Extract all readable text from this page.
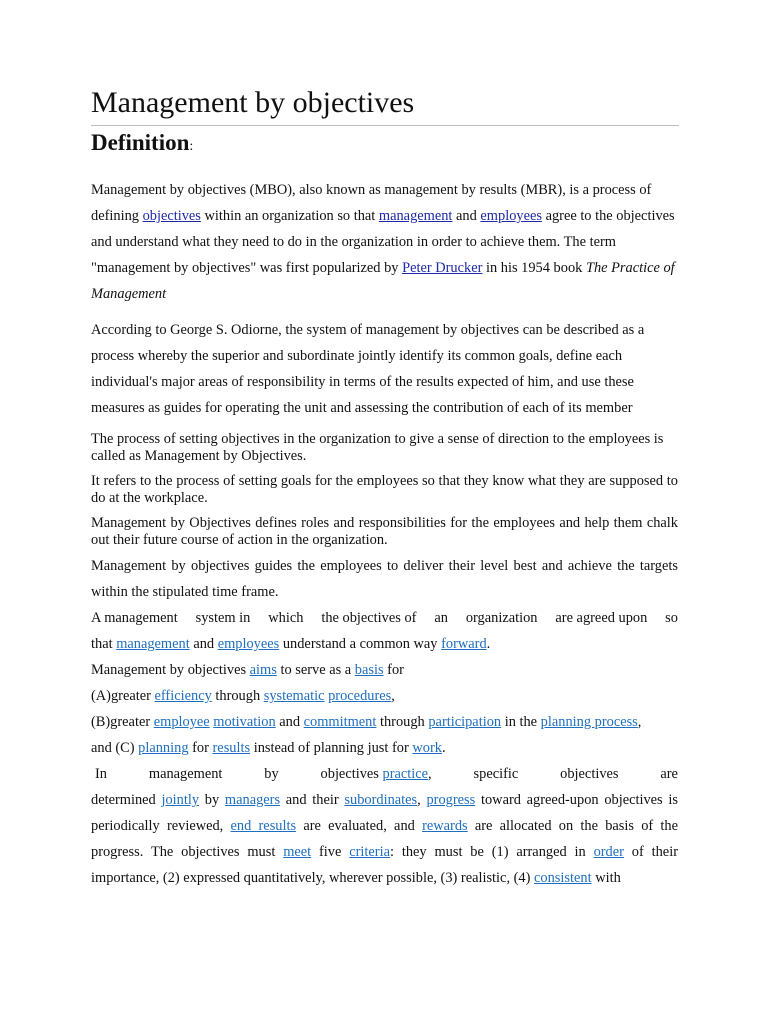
Management by objectives
Definition:

Management by objectives (MBO), also known as management by results (MBR), is a process of defining objectives within an organization so that management and employees agree to the objectives and understand what they need to do in the organization in order to achieve them. The term "management by objectives" was first popularized by Peter Drucker in his 1954 book The Practice of Management

According to George S. Odiorne, the system of management by objectives can be described as a process whereby the superior and subordinate jointly identify its common goals, define each individual's major areas of responsibility in terms of the results expected of him, and use these measures as guides for operating the unit and assessing the contribution of each of its member

The process of setting objectives in the organization to give a sense of direction to the employees is called as Management by Objectives.

It refers to the process of setting goals for the employees so that they know what they are supposed to do at the workplace.

Management by Objectives defines roles and responsibilities for the employees and help them chalk out their future course of action in the organization.

Management by objectives guides the employees to deliver their level best and achieve the targets within the stipulated time frame.

A management system in which the objectives of an organization are agreed upon so

that management and employees understand a common way forward.

Management by objectives aims to serve as a basis for

(A)greater efficiency through systematic procedures,

(B)greater employee motivation and commitment through participation in the planning process,

and (C) planning for results instead of planning just for work.

In	management	by	objectives practice,	specific	objectives	are

determined jointly by managers and their subordinates, progress toward agreed-upon objectives is periodically reviewed, end results are evaluated, and rewards are allocated on the basis of the progress. The objectives must meet five criteria: they must be (1) arranged in order of their importance, (2) expressed quantitatively, wherever possible, (3) realistic, (4) consistent with
